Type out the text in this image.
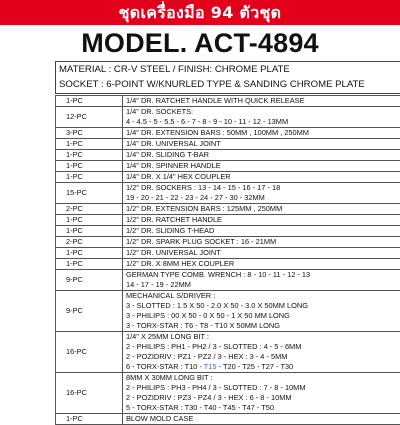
ชุดเครื่องมือ 94 ตัวชุด
MODEL. ACT-4894
MATERIAL : CR-V STEEL / FINISH: CHROME PLATE
SOCKET : 6-POINT W/KNURLED TYPE & SANDING CHROME PLATE
1-PC	1/4" DR. RATCHET HANDLE WITH QUICK RELEASE

12-PC	1/4" DR. SOCKETS:
4 - 4.5 - 5 - 5.5 - 6 - 7 - 8 - 9 - 10 - 11 - 12 - 13MM

3-PC	1/4" DR. EXTENSION BARS : 50MM , 100MM , 250MM

1-PC	1/4" DR. UNIVERSAL JOINT

1-PC	1/4" DR. SLIDING T-BAR

1-PC	1/4" DR. SPINNER HANDLE

1-PC	1/4" DR. X 1/4" HEX COUPLER

15-PC	1/2" DR. SOCKERS : 13 - 14 - 15 - 16 - 17 - 18
19 - 20 - 21 - 22 - 23 - 24 - 27 - 30 - 32MM

2-PC	1/2" DR. EXTENSION BARS : 125MM , 250MM

1-PC	1/2" DR. RATCHET HANDLE

1-PC	1/2" DR. SLIDING T-HEAD

2-PC	1/2" DR. SPARK PLUG SOCKET : 16 - 21MM

1-PC	1/2" DR. UNIVERSAL JOINT

1-PC	1/2" DR. X 8MM HEX COUPLER

9-PC	GERMAN TYPE COMB. WRENCH : 8 - 10 - 11 - 12 - 13
14 - 17 - 19 - 22MM

9-PC	MECHANICAL S/DRIVER :
3 - SLOTTED : 1.5 X 50 - 2.0 X 50 - 3.0 X 50MM LONG
3 - PHILIPS : 00 X 50 - 0 X 50 - 1 X 50 MM LONG
3 - TORX-STAR : T6 - T8 - T10 X 50MM LONG

16-PC	1/4" X 25MM LONG BIT :
2 - PHILIPS : PH1 - PH2 / 3 - SLOTTED : 4 - 5 - 6MM
2 - POZIDRIV : PZ1 - PZ2 / 3 - HEX : 3 - 4 - 5MM
6 - TORX-STAR : T10 - T15 - T20 - T25 - T27 - T30

16-PC	8MM X 30MM LONG BIT :
2 - PHILIPS : PH3 - PH4 / 3 - SLOTTED : 7 - 8 - 10MM
2 - POZIDRIV : PZ3 - PZ4 / 3 - HEX : 6 - 8 - 10MM
5 - TORX-STAR : T30 - T40 - T45 - T47 - T50

1-PC	BLOW MOLD CASE
